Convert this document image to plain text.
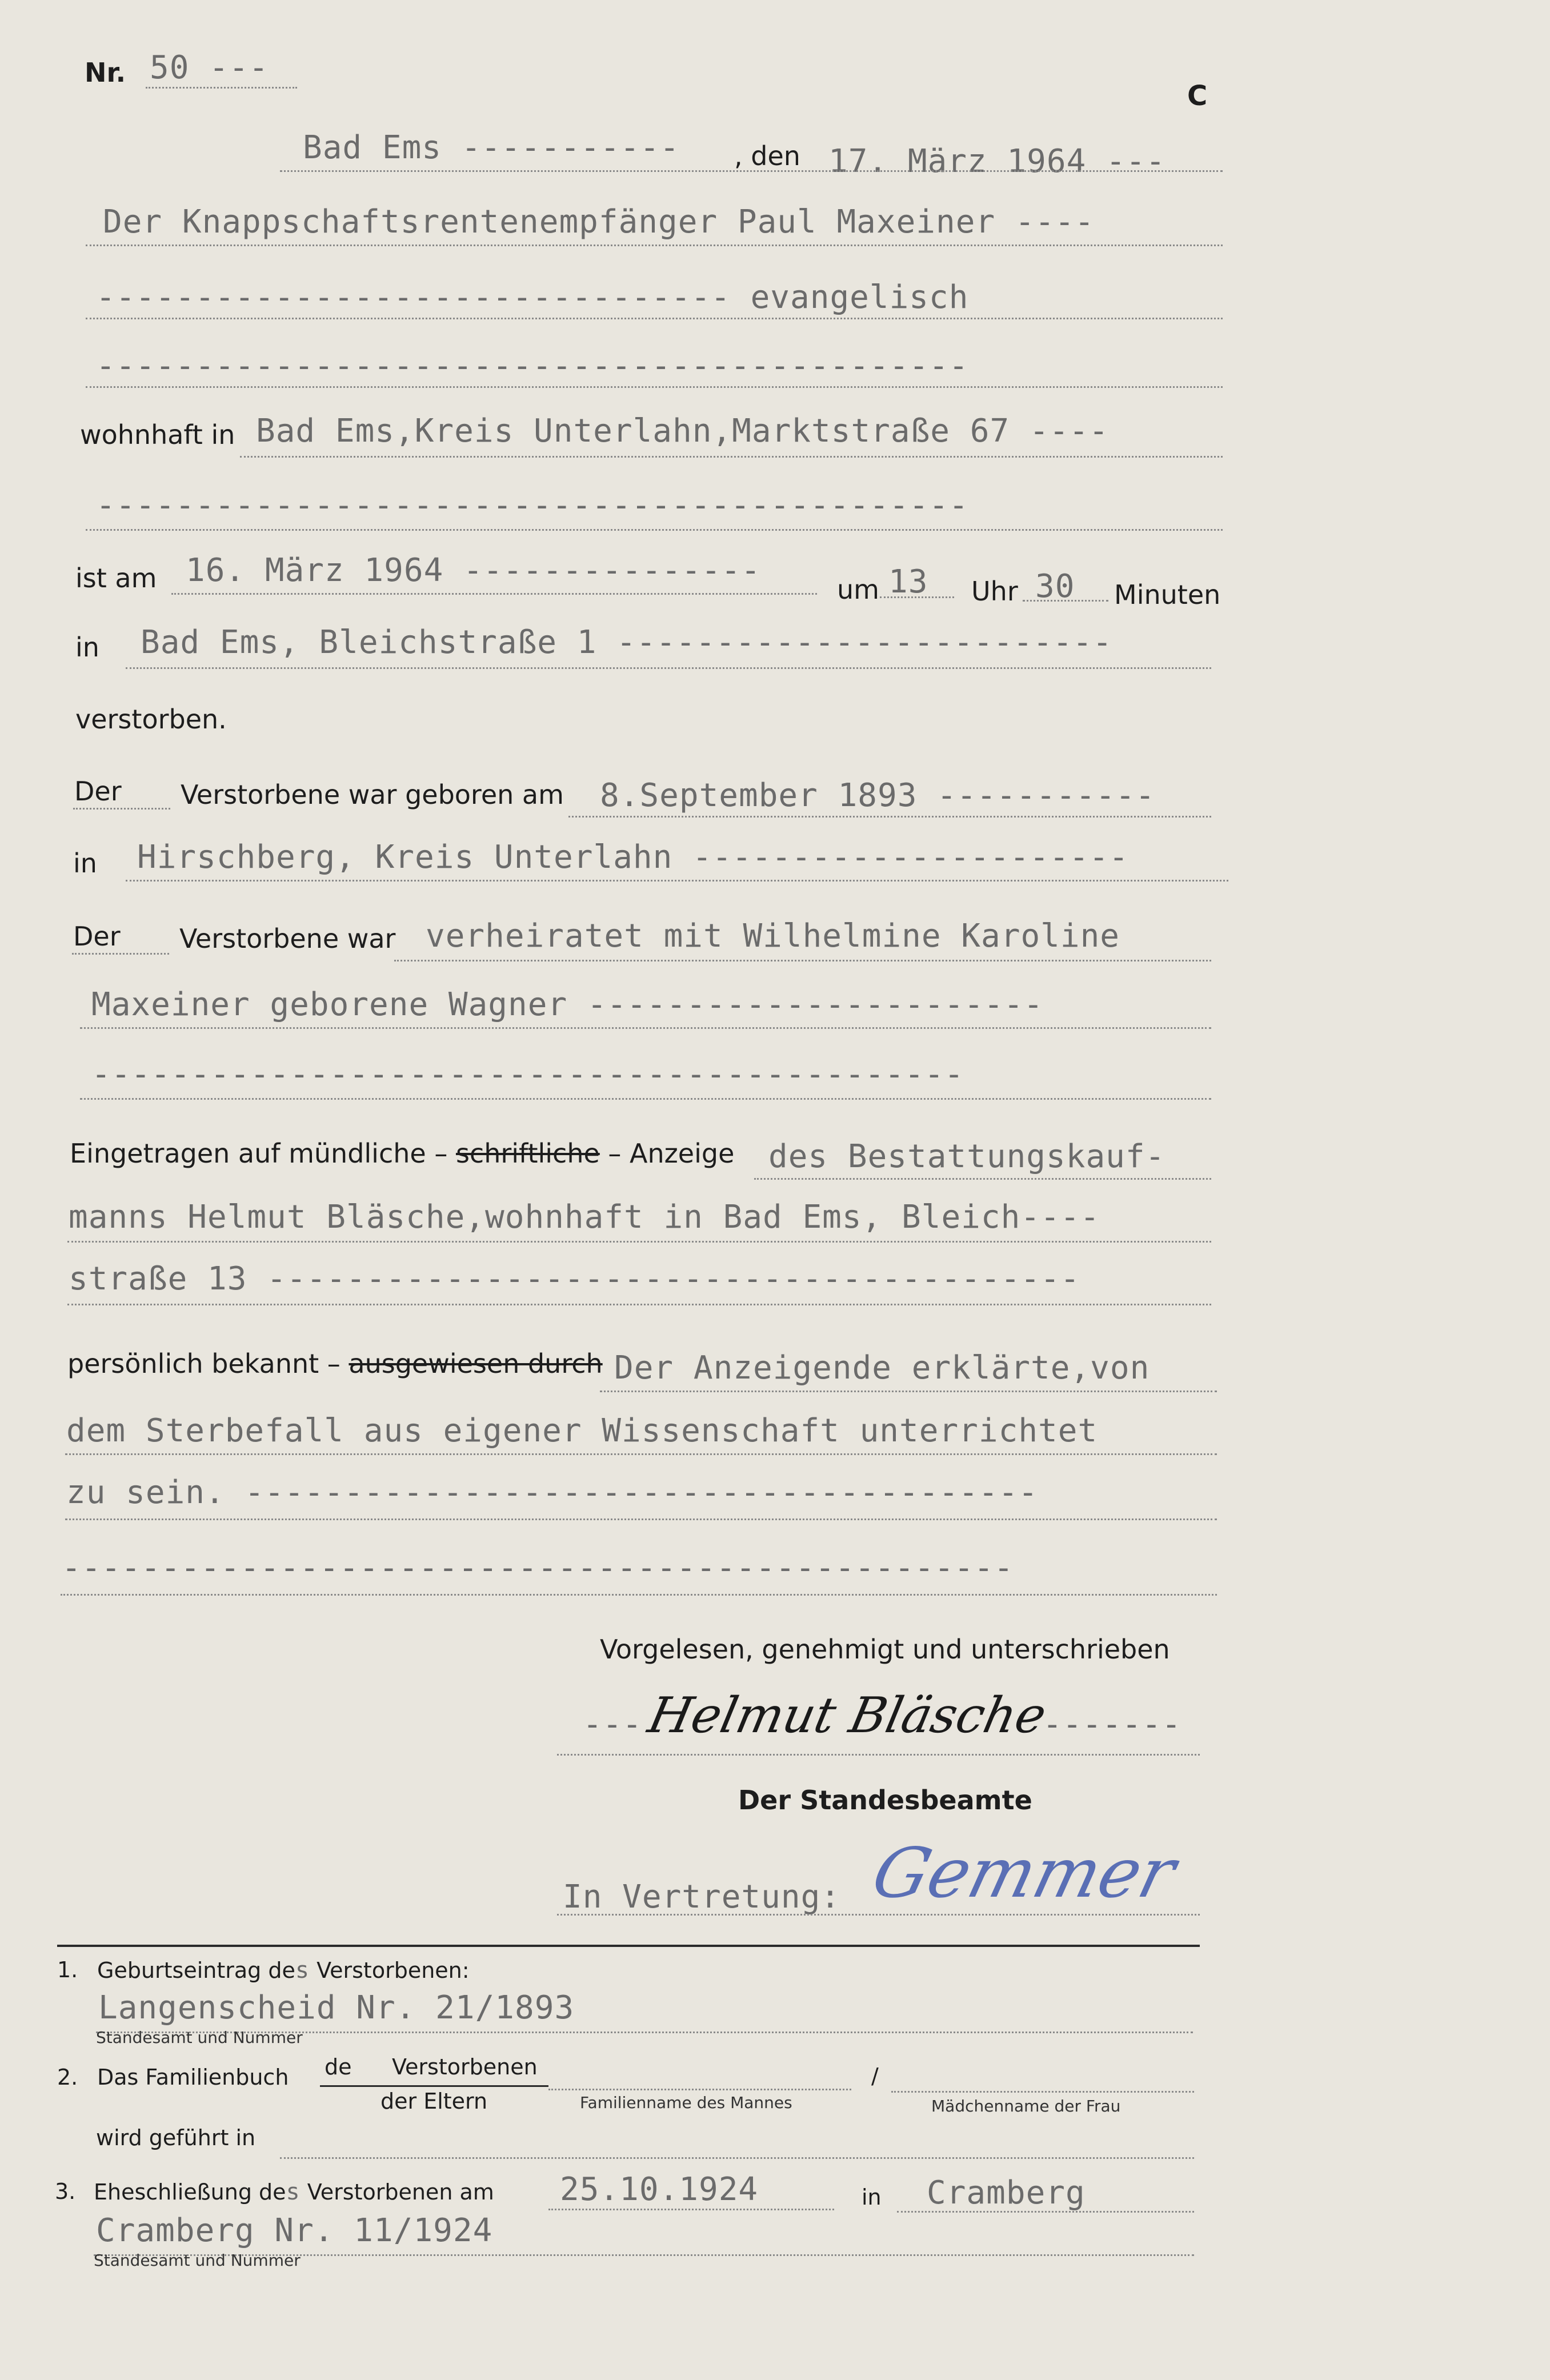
Nr. 50 ---
C
Bad Ems ----------- , den 17. März 1964 ---
Der Knappschaftsrentenempfänger Paul Maxeiner ----
-------------------------------- evangelisch
--------------------------------------------
wohnhaft in Bad Ems,Kreis Unterlahn,Marktstraße 67 ----
--------------------------------------------
ist am 16. März 1964 ---------------
um 13 Uhr 30 Minuten
in Bad Ems, Bleichstraße 1 -------------------------
verstorben.
Der Verstorbene war geboren am 8.September 1893 -----------
in Hirschberg, Kreis Unterlahn ----------------------
Der Verstorbene war verheiratet mit Wilhelmine Karoline
Maxeiner geborene Wagner -----------------------
--------------------------------------------
Eingetragen auf mündliche – schriftliche – Anzeige des Bestattungskauf-
manns Helmut Bläsche,wohnhaft in Bad Ems, Bleich----
straße 13 -----------------------------------------
persönlich bekannt – ausgewiesen durch Der Anzeigende erklärte,von
dem Sterbefall aus eigener Wissenschaft unterrichtet
zu sein. ----------------------------------------
------------------------------------------------
Vorgelesen, genehmigt und unterschrieben
--- Helmut Bläsche
-------
Der Standesbeamte
In Vertretung: Gemmer
1. Geburtseintrag des Verstorbenen:
Langenscheid Nr. 21/1893
Standesamt und Nummer
2. Das Familienbuch de Verstorbenen
der Eltern	Familienname des Mannes
/
Mädchenname der Frau
wird geführt in
3. Eheschließung des Verstorbenen am 25.10.1924	in Cramberg
Cramberg Nr. 11/1924
Standesamt und Nummer
